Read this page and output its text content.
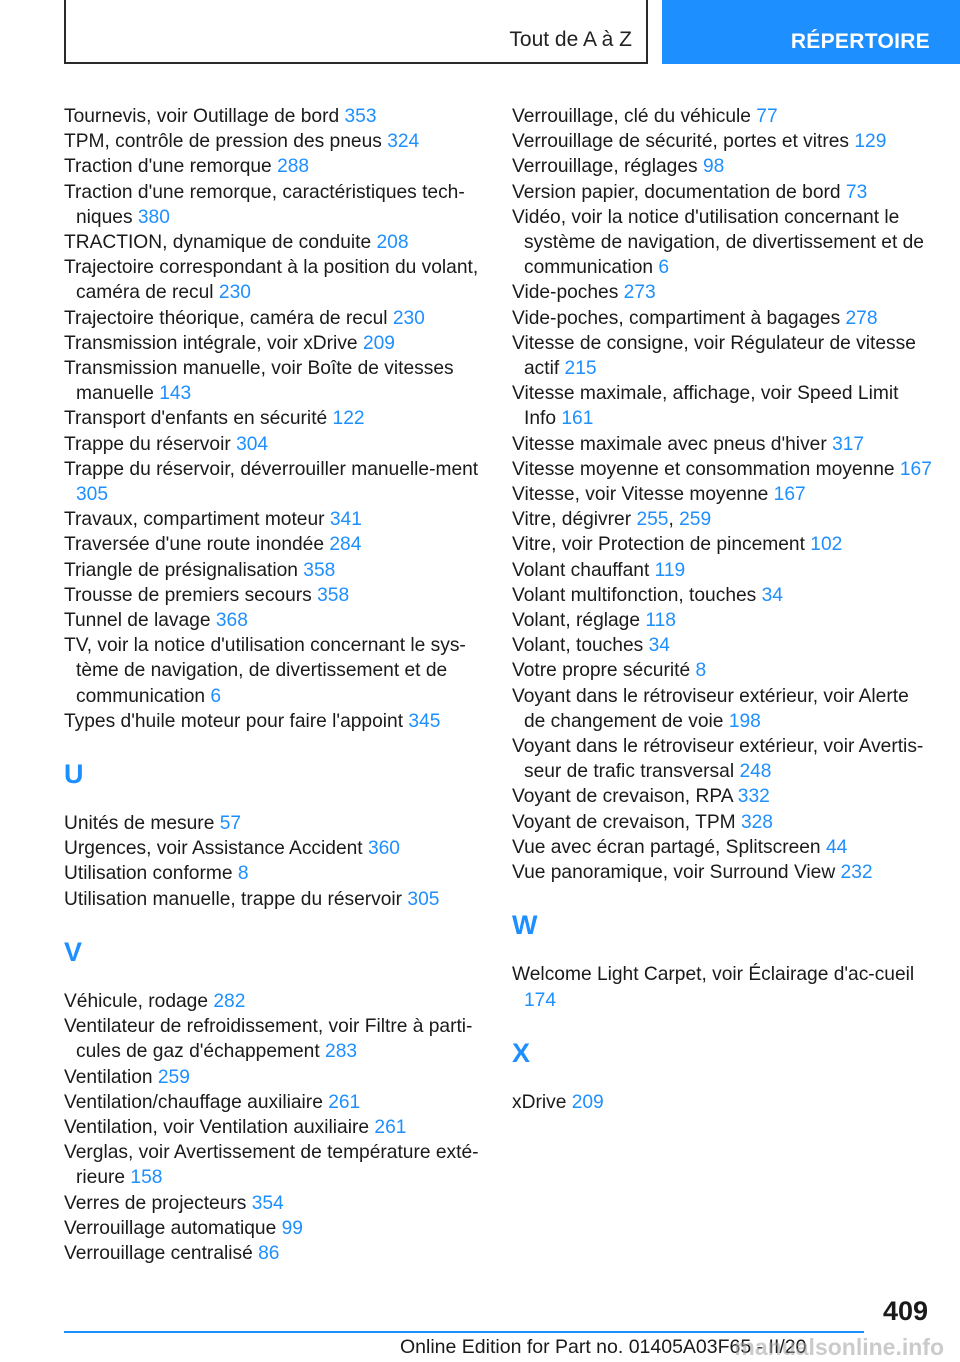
Tout de A à Z	RÉPERTOIRE
Tournevis, voir Outillage de bord 353
TPM, contrôle de pression des pneus 324
Traction d'une remorque 288
Traction d'une remorque, caractéristiques tech‐niques 380
TRACTION, dynamique de conduite 208
Trajectoire correspondant à la position du volant, caméra de recul 230
Trajectoire théorique, caméra de recul 230
Transmission intégrale, voir xDrive 209
Transmission manuelle, voir Boîte de vitesses manuelle 143
Transport d'enfants en sécurité 122
Trappe du réservoir 304
Trappe du réservoir, déverrouiller manuelle‐ment 305
Travaux, compartiment moteur 341
Traversée d'une route inondée 284
Triangle de présignalisation 358
Trousse de premiers secours 358
Tunnel de lavage 368
TV, voir la notice d'utilisation concernant le sys‐tème de navigation, de divertissement et de communication 6
Types d'huile moteur pour faire l'appoint 345
U
Unités de mesure 57
Urgences, voir Assistance Accident 360
Utilisation conforme 8
Utilisation manuelle, trappe du réservoir 305
V
Véhicule, rodage 282
Ventilateur de refroidissement, voir Filtre à parti‐cules de gaz d'échappement 283
Ventilation 259
Ventilation/chauffage auxiliaire 261
Ventilation, voir Ventilation auxiliaire 261
Verglas, voir Avertissement de température exté‐rieure 158
Verres de projecteurs 354
Verrouillage automatique 99
Verrouillage centralisé 86
Verrouillage, clé du véhicule 77
Verrouillage de sécurité, portes et vitres 129
Verrouillage, réglages 98
Version papier, documentation de bord 73
Vidéo, voir la notice d'utilisation concernant le système de navigation, de divertissement et de communication 6
Vide-poches 273
Vide-poches, compartiment à bagages 278
Vitesse de consigne, voir Régulateur de vitesse actif 215
Vitesse maximale, affichage, voir Speed Limit Info 161
Vitesse maximale avec pneus d'hiver 317
Vitesse moyenne et consommation moyenne 167
Vitesse, voir Vitesse moyenne 167
Vitre, dégivrer 255, 259
Vitre, voir Protection de pincement 102
Volant chauffant 119
Volant multifonction, touches 34
Volant, réglage 118
Volant, touches 34
Votre propre sécurité 8
Voyant dans le rétroviseur extérieur, voir Alerte de changement de voie 198
Voyant dans le rétroviseur extérieur, voir Avertis‐seur de trafic transversal 248
Voyant de crevaison, RPA 332
Voyant de crevaison, TPM 328
Vue avec écran partagé, Splitscreen 44
Vue panoramique, voir Surround View 232
W
Welcome Light Carpet, voir Éclairage d'ac‐cueil 174
X
xDrive 209
409
Online Edition for Part no. 01405A03F65 - II/20
manualsonline.info
